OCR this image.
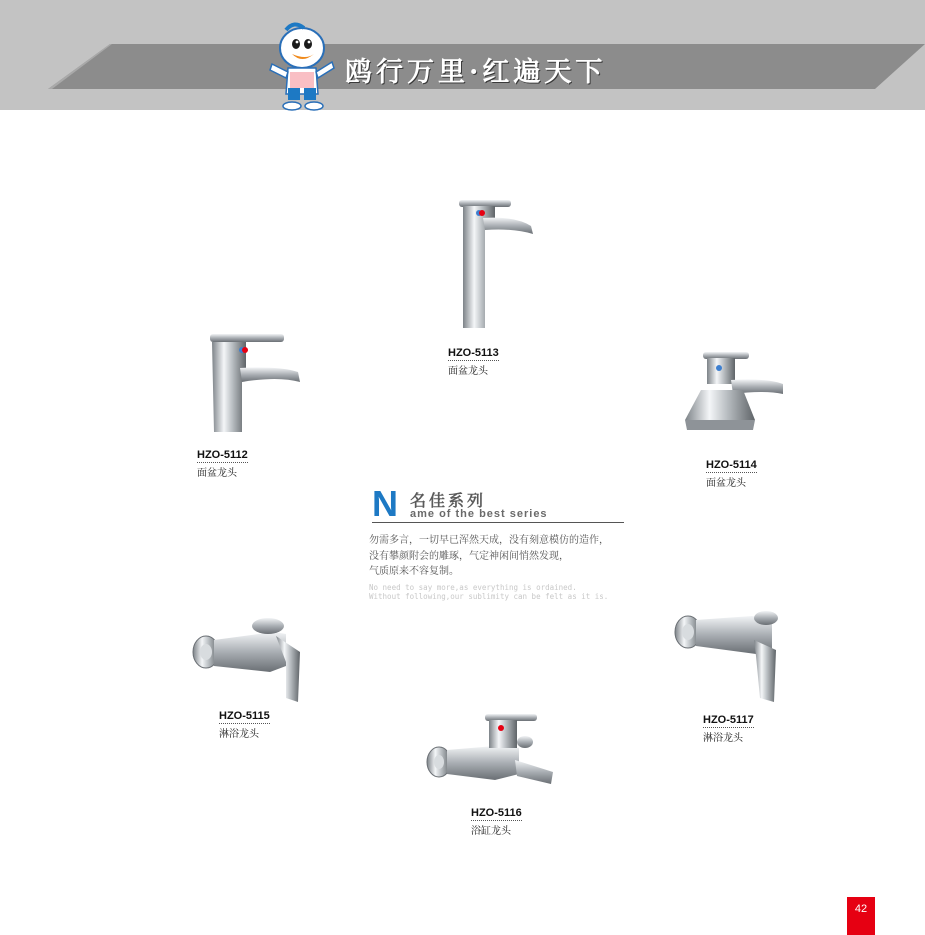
鸥行万里·红遍天下
HZO-5113
面盆龙头
HZO-5112
面盆龙头
HZO-5114
面盆龙头
HZO-5115
淋浴龙头
HZO-5117
淋浴龙头
HZO-5116
浴缸龙头
N 名佳系列
ame of the best series
勿需多言，一切早已浑然天成，没有刻意模仿的造作，
没有攀颜附会的雕琢，气定神闲间悄然发现，
气质原来不容复制。
No need to say more,as everything is ordained.
Without following,our sublimity can be felt as it is.
42
